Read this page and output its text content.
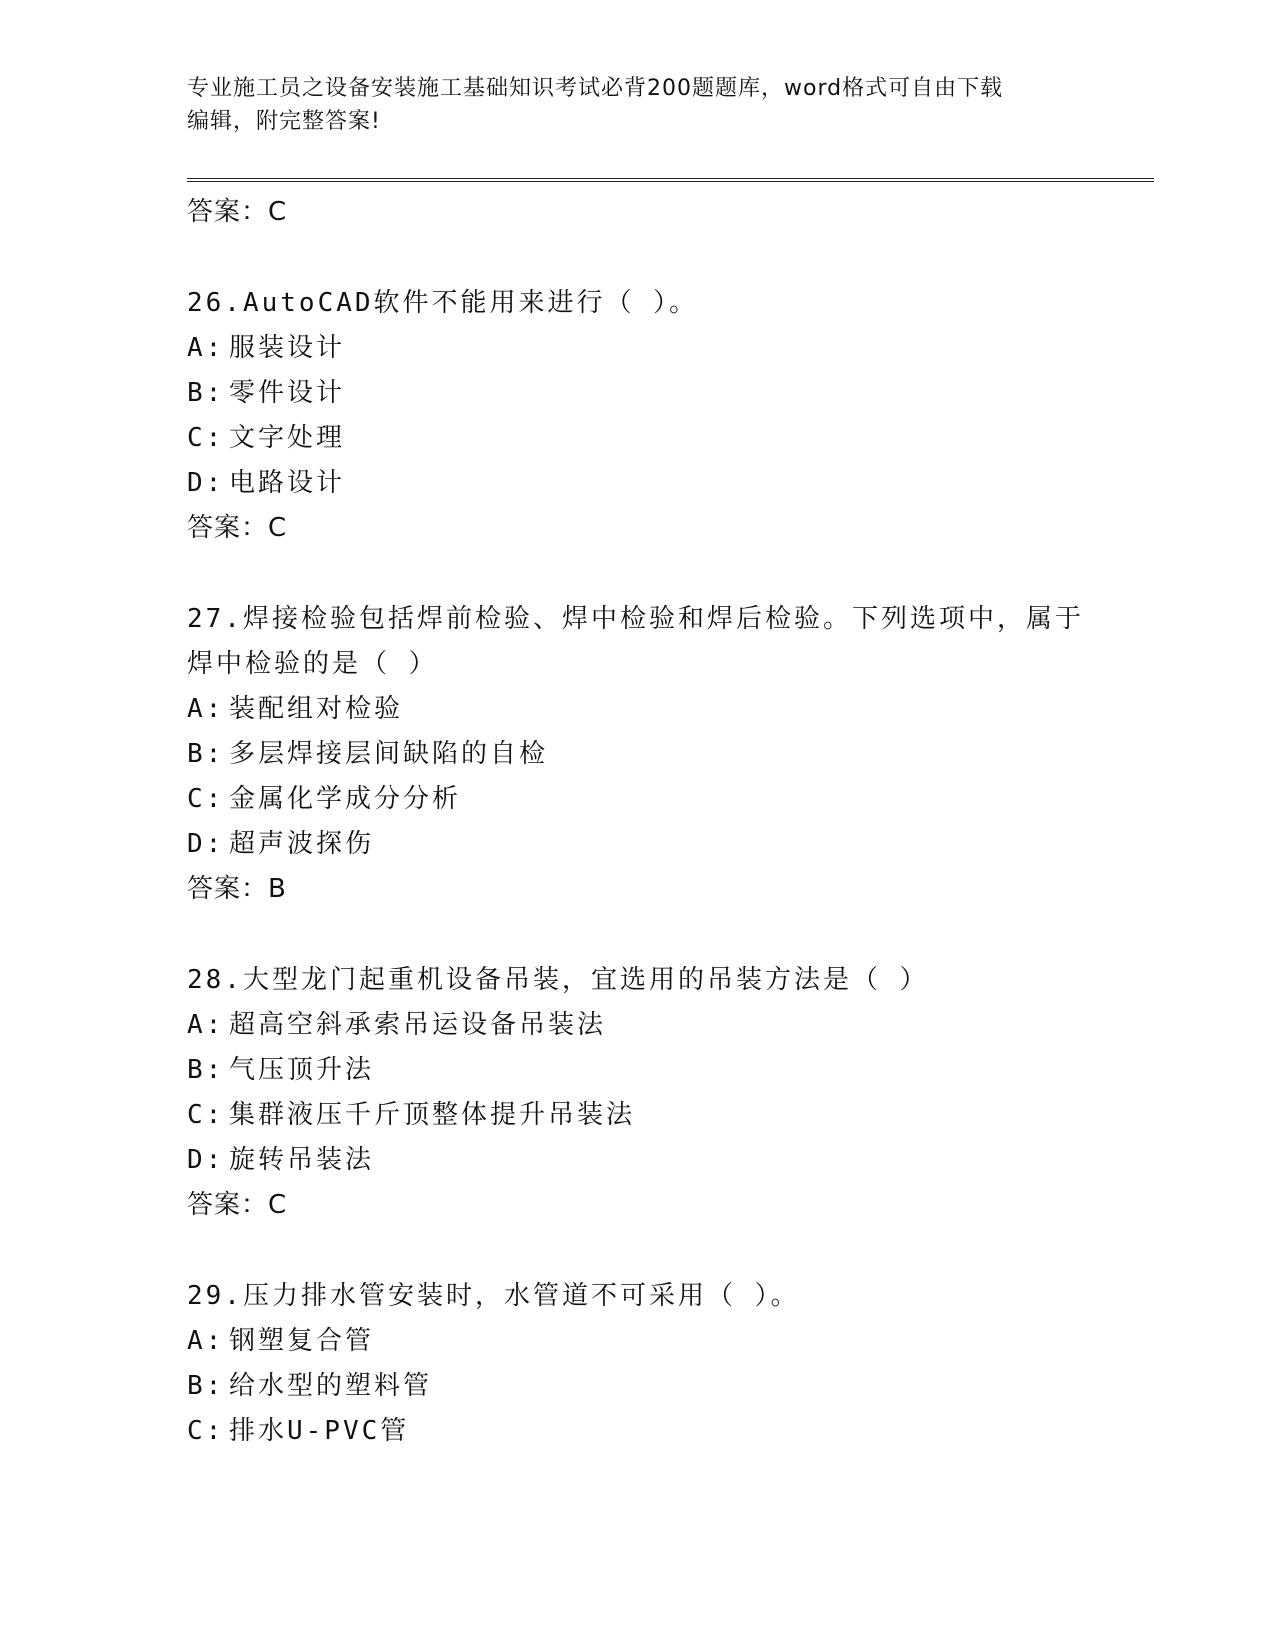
专业施工员之设备安装施工基础知识考试必背200题题库，word格式可自由下载
编辑，附完整答案!
答案：C
26.AutoCAD软件不能用来进行（ ）。
A: 服装设计
B: 零件设计
C: 文字处理
D: 电路设计
答案：C
27.焊接检验包括焊前检验、焊中检验和焊后检验。下列选项中，属于焊中检验的是（ ）
A: 装配组对检验
B: 多层焊接层间缺陷的自检
C: 金属化学成分分析
D: 超声波探伤
答案：B
28.大型龙门起重机设备吊装，宜选用的吊装方法是（ ）
A: 超高空斜承索吊运设备吊装法
B: 气压顶升法
C: 集群液压千斤顶整体提升吊装法
D: 旋转吊装法
答案：C
29.压力排水管安装时，水管道不可采用（ ）。
A: 钢塑复合管
B: 给水型的塑料管
C: 排水U-PVC管
